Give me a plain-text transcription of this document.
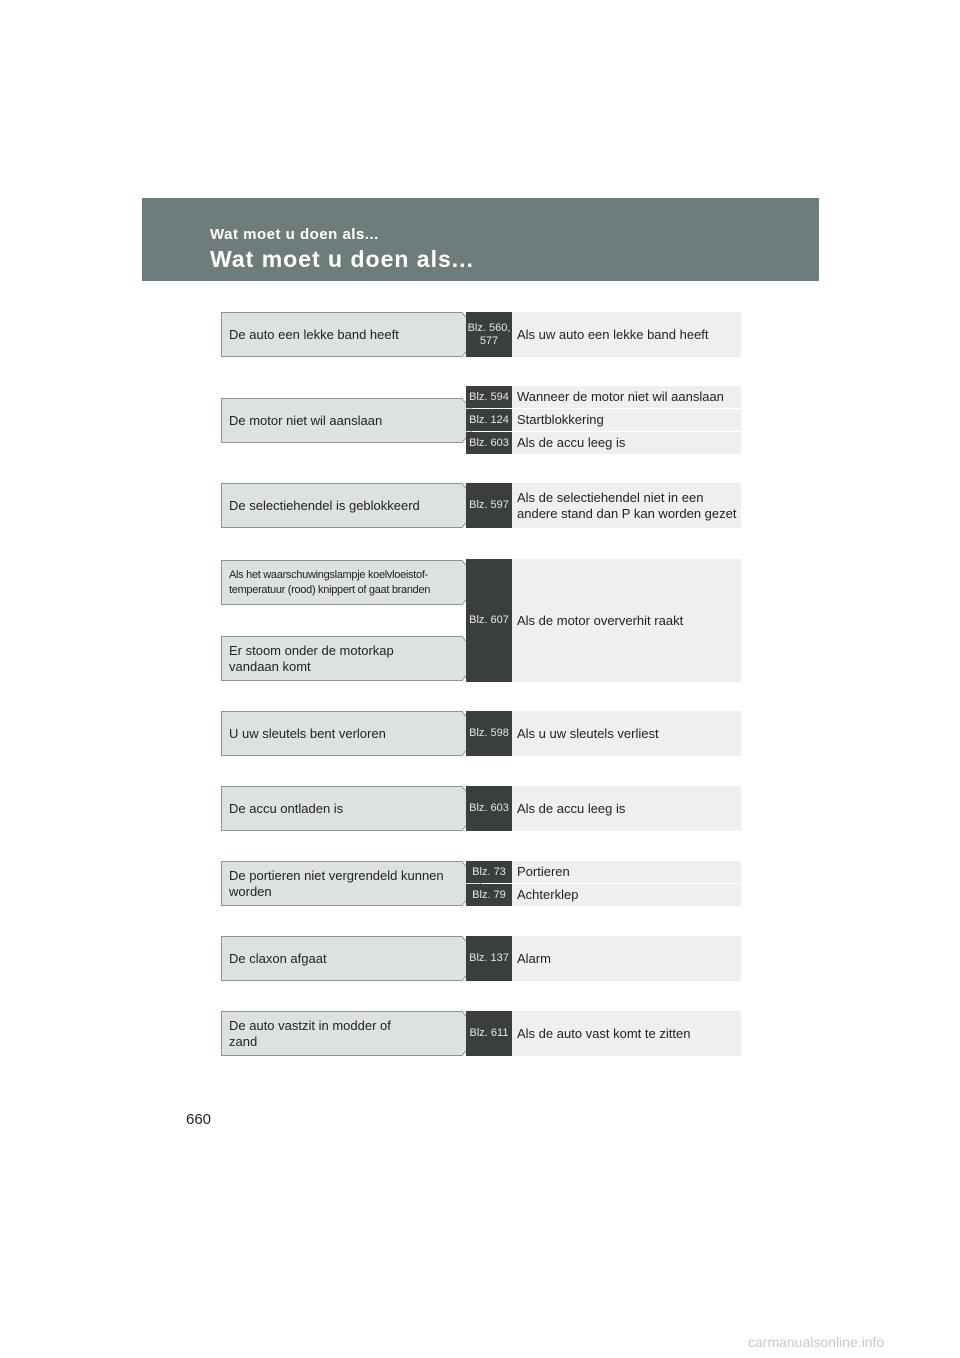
Wat moet u doen als...
Wat moet u doen als...
De auto een lekke band heeft
De motor niet wil aanslaan
De selectiehendel is geblokkeerd
Als het waarschuwingslampje koelvloeistof-temperatuur (rood) knippert of gaat branden
Er stoom onder de motorkap vandaan komt
U uw sleutels bent verloren
De accu ontladen is
De portieren niet vergrendeld kunnen worden
De claxon afgaat
De auto vastzit in modder of zand
Blz. 560, 577	Als uw auto een lekke band heeft
Blz. 594 Wanneer de motor niet wil aanslaan
Blz. 124 Startblokkering
Blz. 603 Als de accu leeg is
Blz. 597
Als de selectiehendel niet in een andere stand dan P kan worden gezet
Blz. 607 Als de motor oververhit raakt
Blz. 598 Als u uw sleutels verliest
Blz. 603 Als de accu leeg is
Blz. 73 Portieren
Blz. 79 Achterklep
Blz. 137 Alarm
Blz. 611 Als de auto vast komt te zitten
660
carmanualsonline.info
